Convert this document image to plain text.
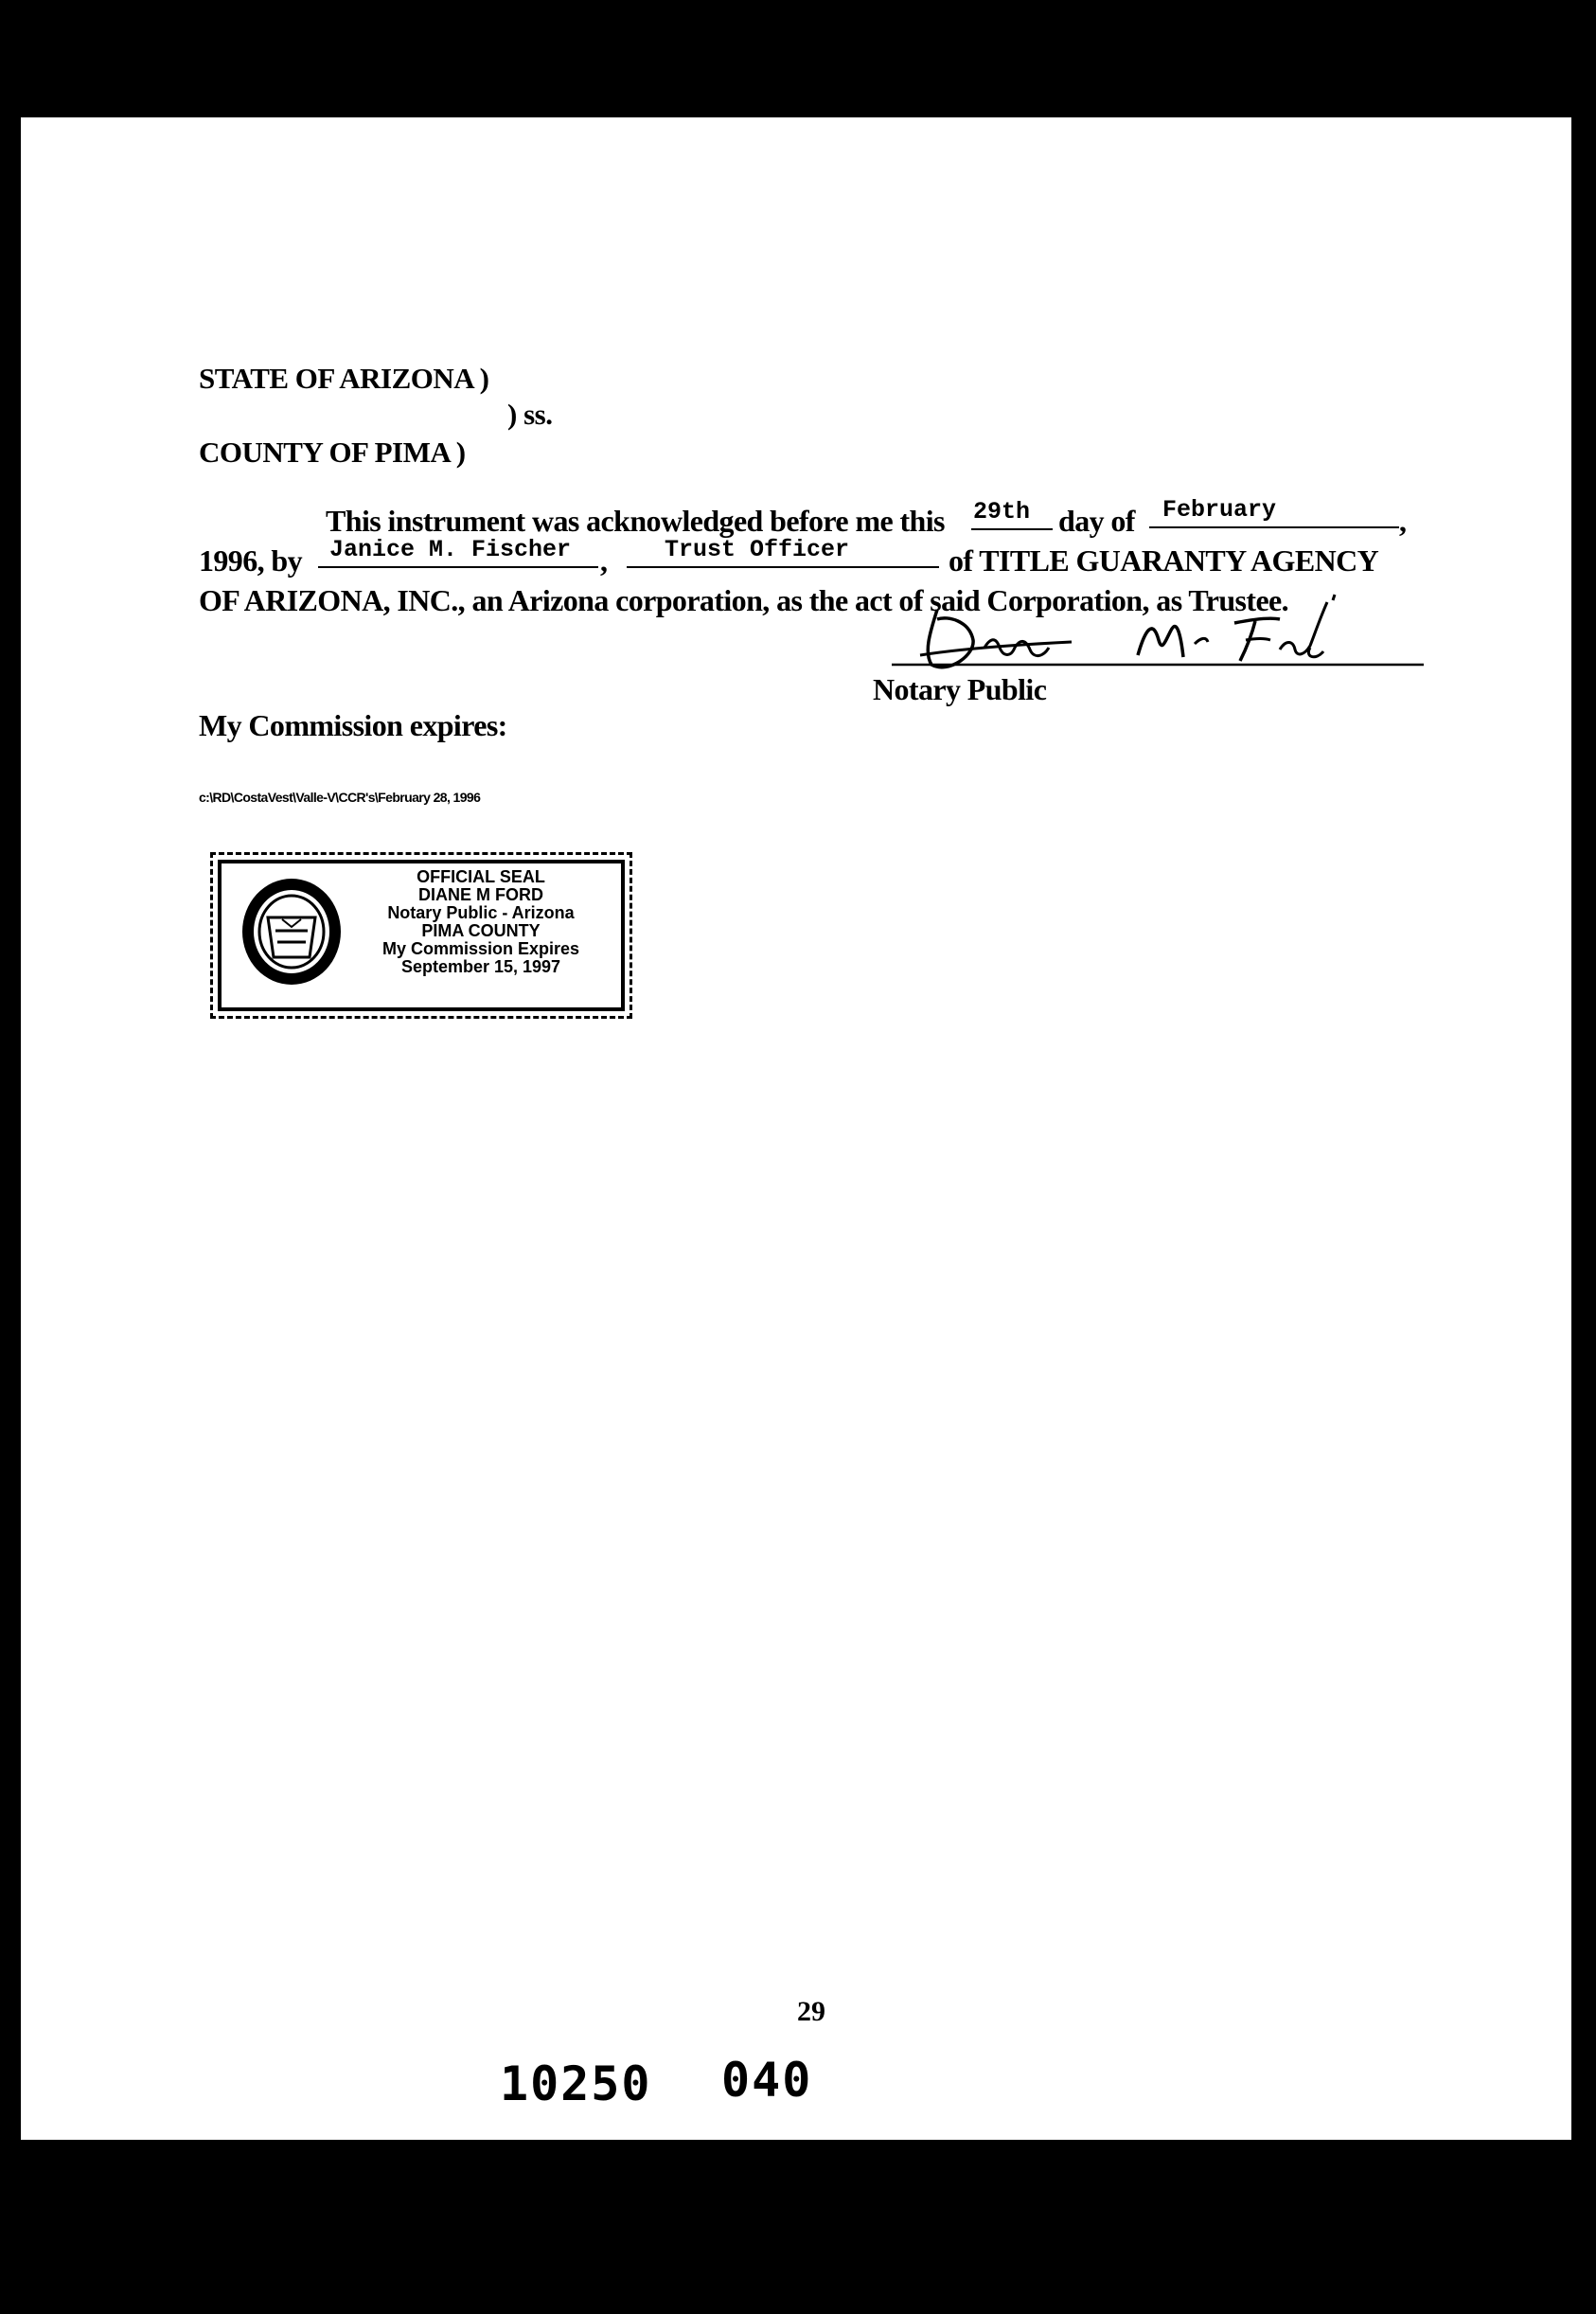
STATE OF ARIZONA )
) ss.
COUNTY OF PIMA )
This instrument was acknowledged before me this 29th day of February	,
1996, by Janice M. Fischer , Trust Officer	of TITLE GUARANTY AGENCY
OF ARIZONA, INC., an Arizona corporation, as the act of said Corporation, as Trustee.
Notary Public
My Commission expires:
c:\RD\CostaVest\Valle-V\CCR's\February 28, 1996
OFFICIAL SEAL
DIANE M FORD
Notary Public - Arizona
PIMA COUNTY
My Commission Expires
September 15, 1997
29
10250 040
